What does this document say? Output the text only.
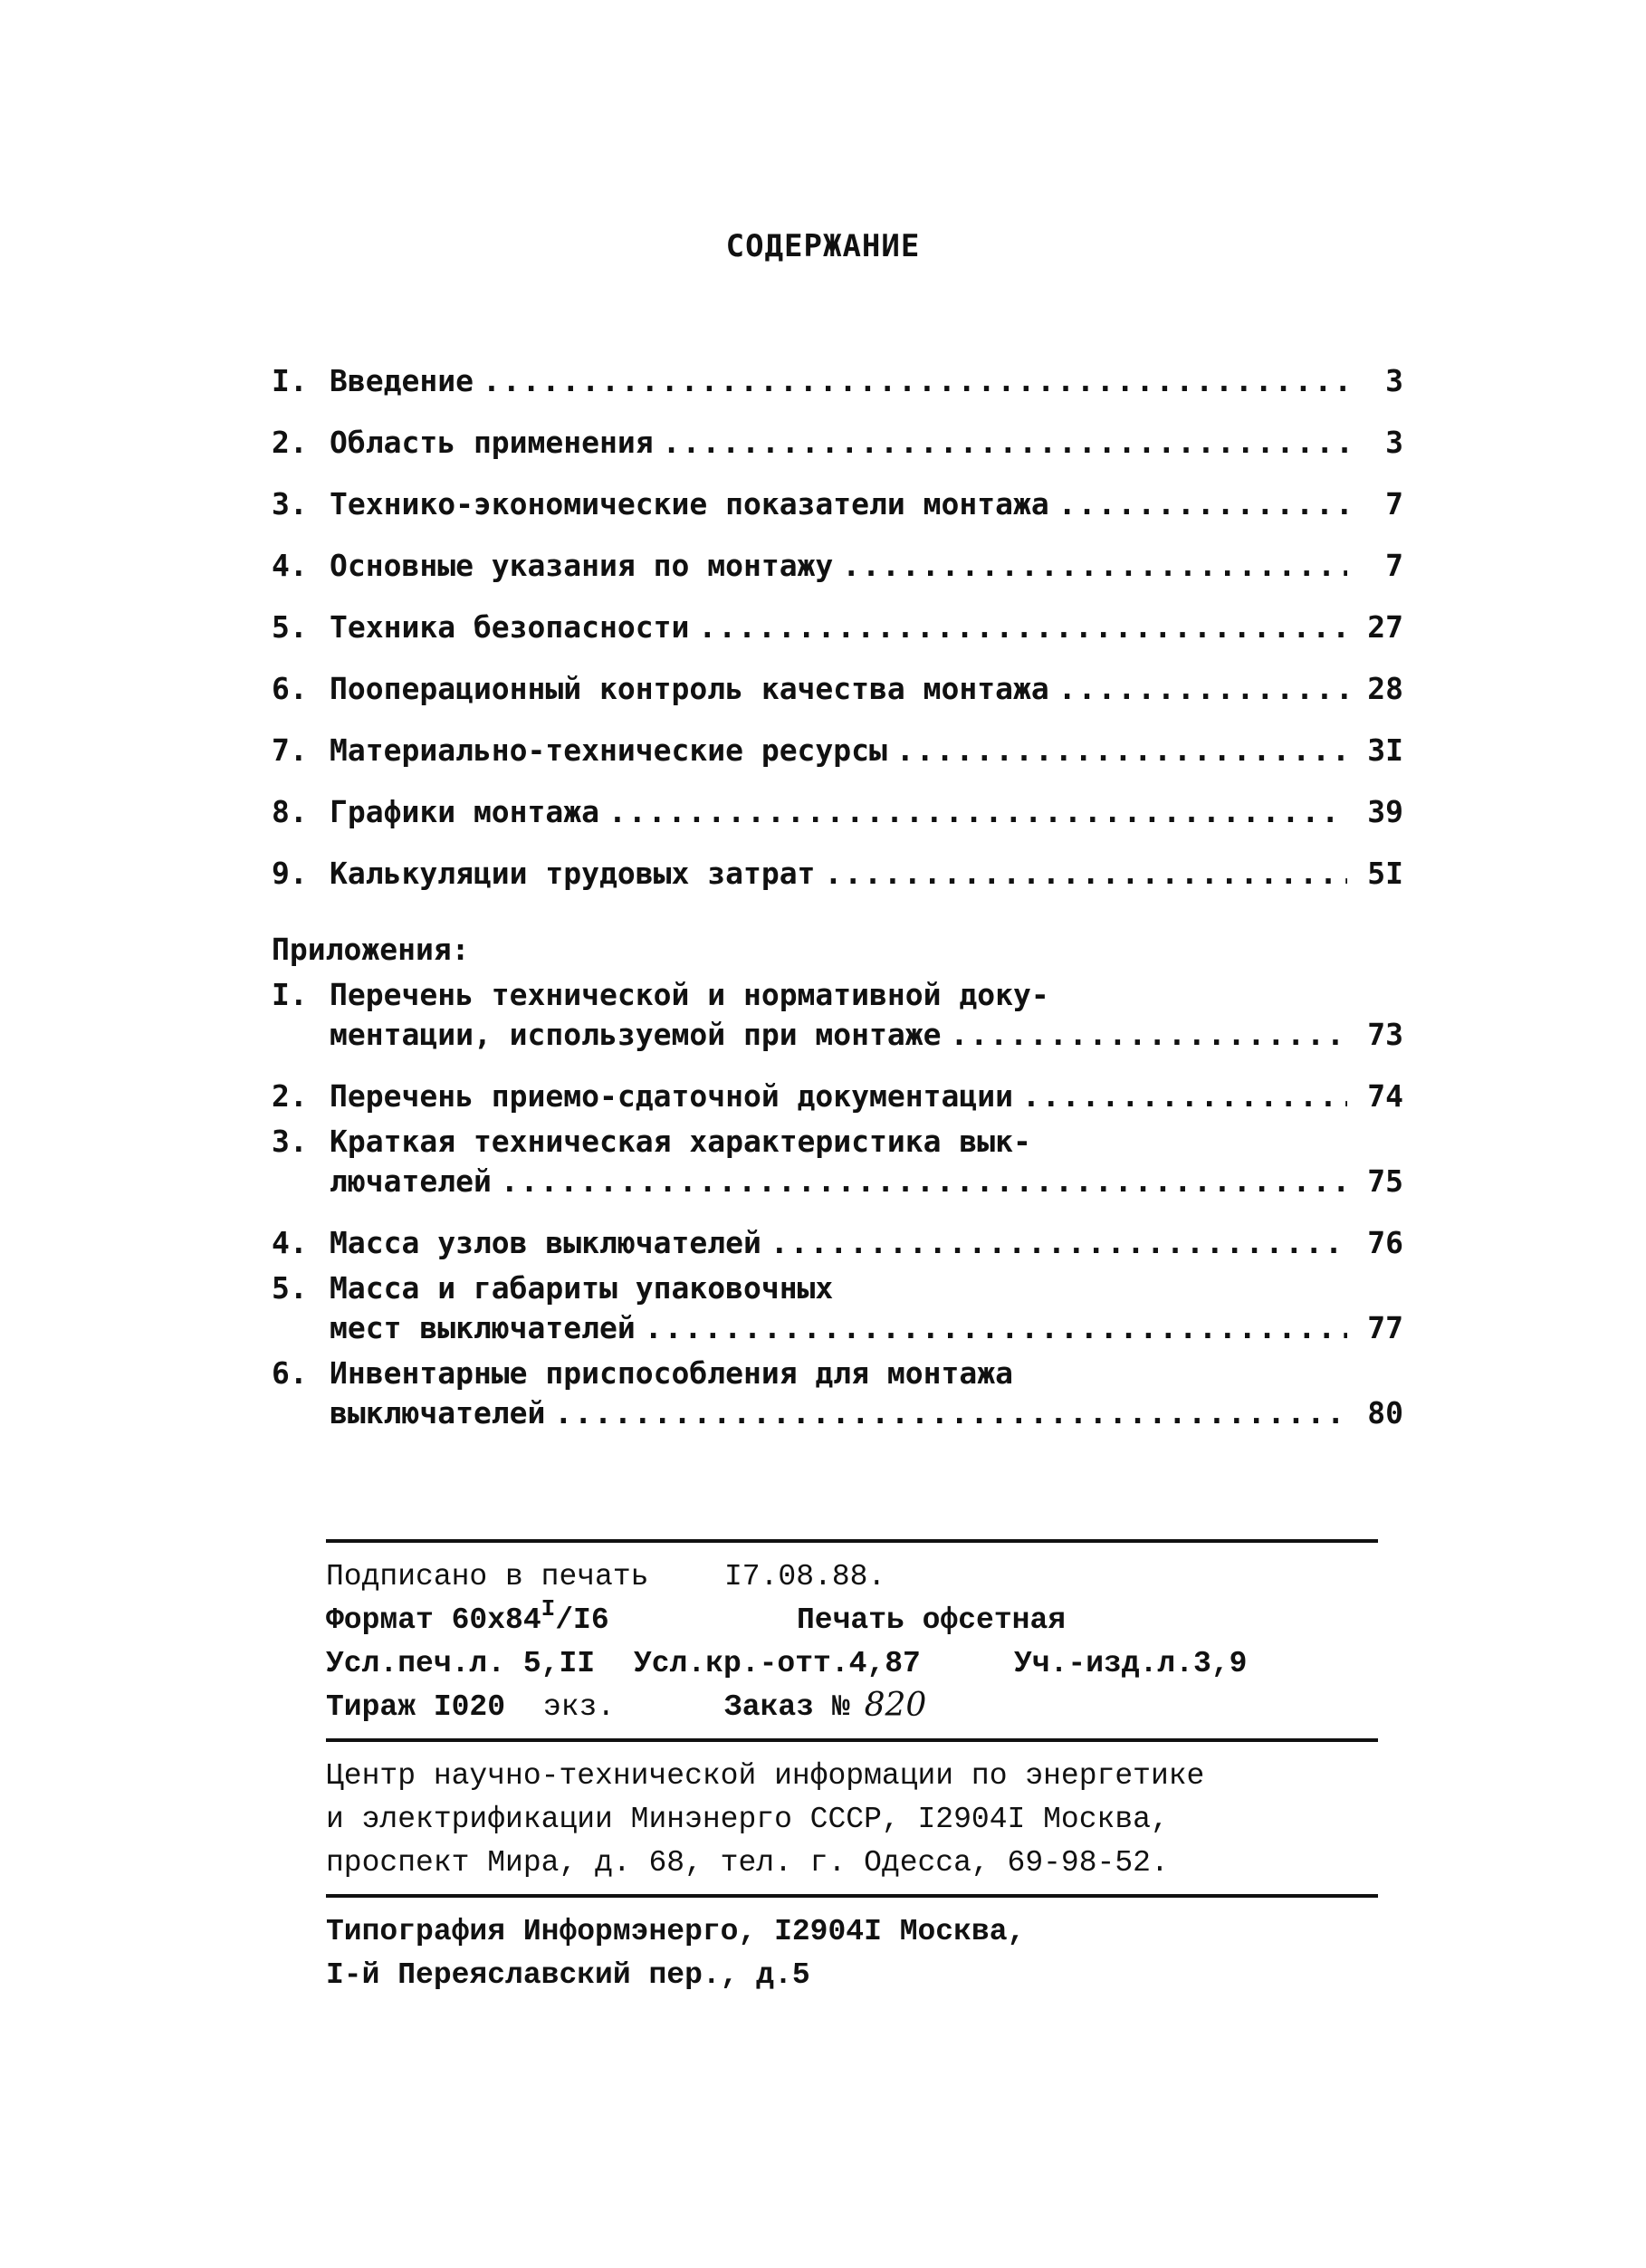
СОДЕРЖАНИЕ
I. Введение .....	3
2. Область применения .....	3
3. Технико-экономические показатели монтажа .....	7
4. Основные указания по монтажу .....	7
5. Техника безопасности .....	27
6. Пооперационный контроль качества монтажа .....	28
7. Материально-технические ресурсы .....	3I
8. Графики монтажа .....	39
9. Калькуляции трудовых затрат .....	5I
Приложения:
I. Перечень технической и нормативной доку-
ментации, используемой при монтаже .....	73
2. Перечень приемо-сдаточной документации .....	74
3. Краткая техническая характеристика вык-
лючателей .....	75
4. Масса узлов выключателей .....	76
5. Масса и габариты упаковочных
мест выключателей .....	77
6. Инвентарные приспособления для монтажа
выключателей .....	80
Подписано в печать	I7.08.88.
Формат 60х84I/I6	Печать офсетная
Усл.печ.л. 5,II	Усл.кр.-отт.4,87	Уч.-изд.л.3,9
Тираж I020	экз.	Заказ № 820
Центр научно-технической информации по энергетике
и электрификации Минэнерго СССР, I2904I Москва,
проспект Мира, д. 68, тел. г. Одесса, 69-98-52.
Типография Информэнерго, I2904I Москва,
I-й Переяславский пер., д.5
